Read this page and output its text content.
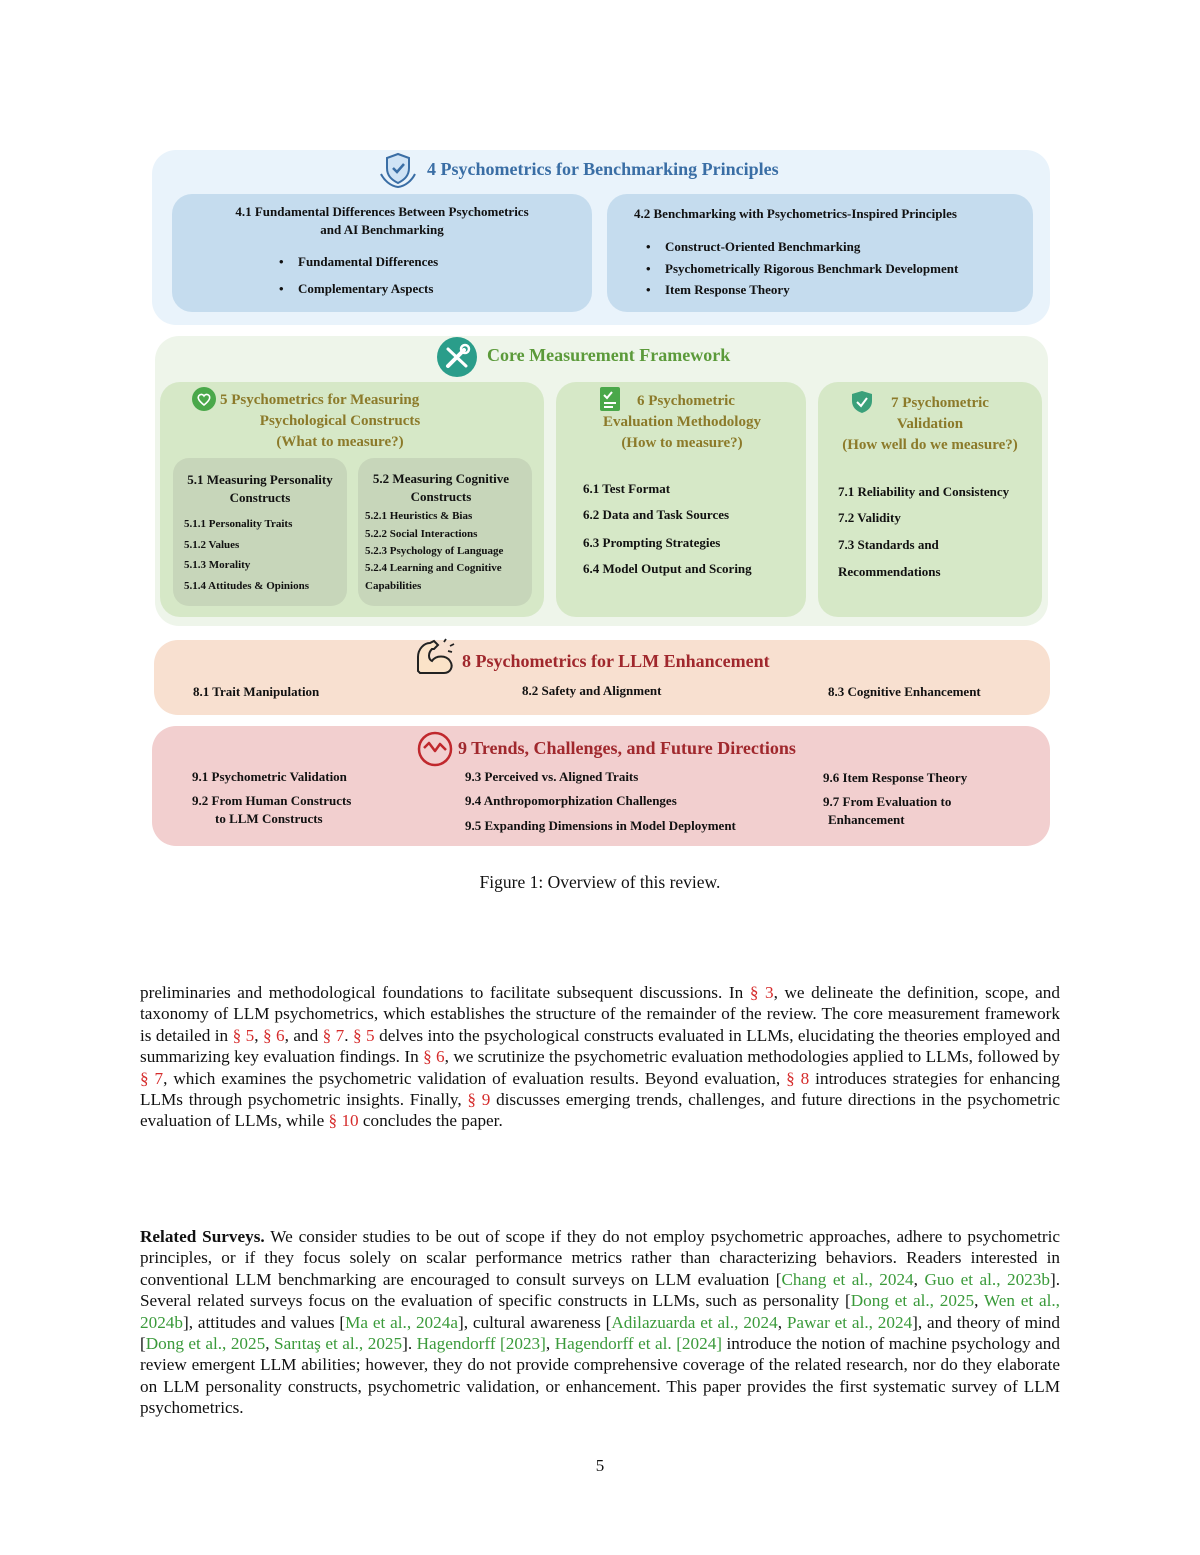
4 Psychometrics for Benchmarking Principles
4.1 Fundamental Differences Between Psychometrics
and AI Benchmarking
• Fundamental Differences
• Complementary Aspects
4.2 Benchmarking with Psychometrics-Inspired Principles
• Construct-Oriented Benchmarking
• Psychometrically Rigorous Benchmark Development
• Item Response Theory
Core Measurement Framework
5 Psychometrics for Measuring
Psychological Constructs
(What to measure?)
5.1 Measuring Personality
Constructs
5.1.1 Personality Traits
5.1.2 Values
5.1.3 Morality
5.1.4 Attitudes & Opinions
5.2 Measuring Cognitive
Constructs
5.2.1 Heuristics & Bias
5.2.2 Social Interactions
5.2.3 Psychology of Language
5.2.4 Learning and Cognitive
Capabilities
6 Psychometric
Evaluation Methodology
(How to measure?)
6.1 Test Format
6.2 Data and Task Sources
6.3 Prompting Strategies
6.4 Model Output and Scoring
7 Psychometric
Validation
(How well do we measure?)
7.1 Reliability and Consistency
7.2 Validity
7.3 Standards and
Recommendations
8 Psychometrics for LLM Enhancement
8.1 Trait Manipulation	8.2 Safety and Alignment	8.3 Cognitive Enhancement
9 Trends, Challenges, and Future Directions
9.1 Psychometric Validation
9.2 From Human Constructs
to LLM Constructs
9.3 Perceived vs. Aligned Traits
9.4 Anthropomorphization Challenges
9.5 Expanding Dimensions in Model Deployment
9.6 Item Response Theory
9.7 From Evaluation to
Enhancement
Figure 1: Overview of this review.
preliminaries and methodological foundations to facilitate subsequent discussions. In § 3, we delineate the definition, scope, and taxonomy of LLM psychometrics, which establishes the structure of the remainder of the review. The core measurement framework is detailed in § 5, § 6, and § 7. § 5 delves into the psychological constructs evaluated in LLMs, elucidating the theories employed and summarizing key evaluation findings. In § 6, we scrutinize the psychometric evaluation methodologies applied to LLMs, followed by § 7, which examines the psychometric validation of evaluation results. Beyond evaluation, § 8 introduces strategies for enhancing LLMs through psychometric insights. Finally, § 9 discusses emerging trends, challenges, and future directions in the psychometric evaluation of LLMs, while § 10 concludes the paper.
Related Surveys. We consider studies to be out of scope if they do not employ psychometric approaches, adhere to psychometric principles, or if they focus solely on scalar performance metrics rather than characterizing behaviors. Readers interested in conventional LLM benchmarking are encouraged to consult surveys on LLM evaluation [Chang et al., 2024, Guo et al., 2023b]. Several related surveys focus on the evaluation of specific constructs in LLMs, such as personality [Dong et al., 2025, Wen et al., 2024b], attitudes and values [Ma et al., 2024a], cultural awareness [Adilazuarda et al., 2024, Pawar et al., 2024], and theory of mind [Dong et al., 2025, Sarıtaş et al., 2025]. Hagendorff [2023], Hagendorff et al. [2024] introduce the notion of machine psychology and review emergent LLM abilities; however, they do not provide comprehensive coverage of the related research, nor do they elaborate on LLM personality constructs, psychometric validation, or enhancement. This paper provides the first systematic survey of LLM psychometrics.
5
